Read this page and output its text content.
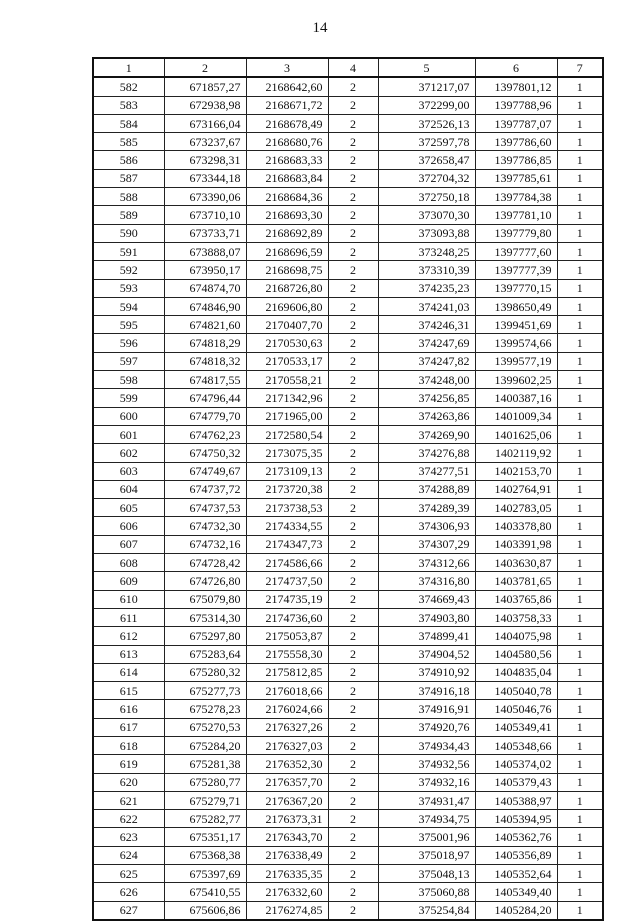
14
1	2	3	4	5	6	7
582	671857,27	2168642,60	2	371217,07	1397801,12	1
583	672938,98	2168671,72	2	372299,00	1397788,96	1
584	673166,04	2168678,49	2	372526,13	1397787,07	1
585	673237,67	2168680,76	2	372597,78	1397786,60	1
586	673298,31	2168683,33	2	372658,47	1397786,85	1
587	673344,18	2168683,84	2	372704,32	1397785,61	1
588	673390,06	2168684,36	2	372750,18	1397784,38	1
589	673710,10	2168693,30	2	373070,30	1397781,10	1
590	673733,71	2168692,89	2	373093,88	1397779,80	1
591	673888,07	2168696,59	2	373248,25	1397777,60	1
592	673950,17	2168698,75	2	373310,39	1397777,39	1
593	674874,70	2168726,80	2	374235,23	1397770,15	1
594	674846,90	2169606,80	2	374241,03	1398650,49	1
595	674821,60	2170407,70	2	374246,31	1399451,69	1
596	674818,29	2170530,63	2	374247,69	1399574,66	1
597	674818,32	2170533,17	2	374247,82	1399577,19	1
598	674817,55	2170558,21	2	374248,00	1399602,25	1
599	674796,44	2171342,96	2	374256,85	1400387,16	1
600	674779,70	2171965,00	2	374263,86	1401009,34	1
601	674762,23	2172580,54	2	374269,90	1401625,06	1
602	674750,32	2173075,35	2	374276,88	1402119,92	1
603	674749,67	2173109,13	2	374277,51	1402153,70	1
604	674737,72	2173720,38	2	374288,89	1402764,91	1
605	674737,53	2173738,53	2	374289,39	1402783,05	1
606	674732,30	2174334,55	2	374306,93	1403378,80	1
607	674732,16	2174347,73	2	374307,29	1403391,98	1
608	674728,42	2174586,66	2	374312,66	1403630,87	1
609	674726,80	2174737,50	2	374316,80	1403781,65	1
610	675079,80	2174735,19	2	374669,43	1403765,86	1
611	675314,30	2174736,60	2	374903,80	1403758,33	1
612	675297,80	2175053,87	2	374899,41	1404075,98	1
613	675283,64	2175558,30	2	374904,52	1404580,56	1
614	675280,32	2175812,85	2	374910,92	1404835,04	1
615	675277,73	2176018,66	2	374916,18	1405040,78	1
616	675278,23	2176024,66	2	374916,91	1405046,76	1
617	675270,53	2176327,26	2	374920,76	1405349,41	1
618	675284,20	2176327,03	2	374934,43	1405348,66	1
619	675281,38	2176352,30	2	374932,56	1405374,02	1
620	675280,77	2176357,70	2	374932,16	1405379,43	1
621	675279,71	2176367,20	2	374931,47	1405388,97	1
622	675282,77	2176373,31	2	374934,75	1405394,95	1
623	675351,17	2176343,70	2	375001,96	1405362,76	1
624	675368,38	2176338,49	2	375018,97	1405356,89	1
625	675397,69	2176335,35	2	375048,13	1405352,64	1
626	675410,55	2176332,60	2	375060,88	1405349,40	1
627	675606,86	2176274,85	2	375254,84	1405284,20	1
